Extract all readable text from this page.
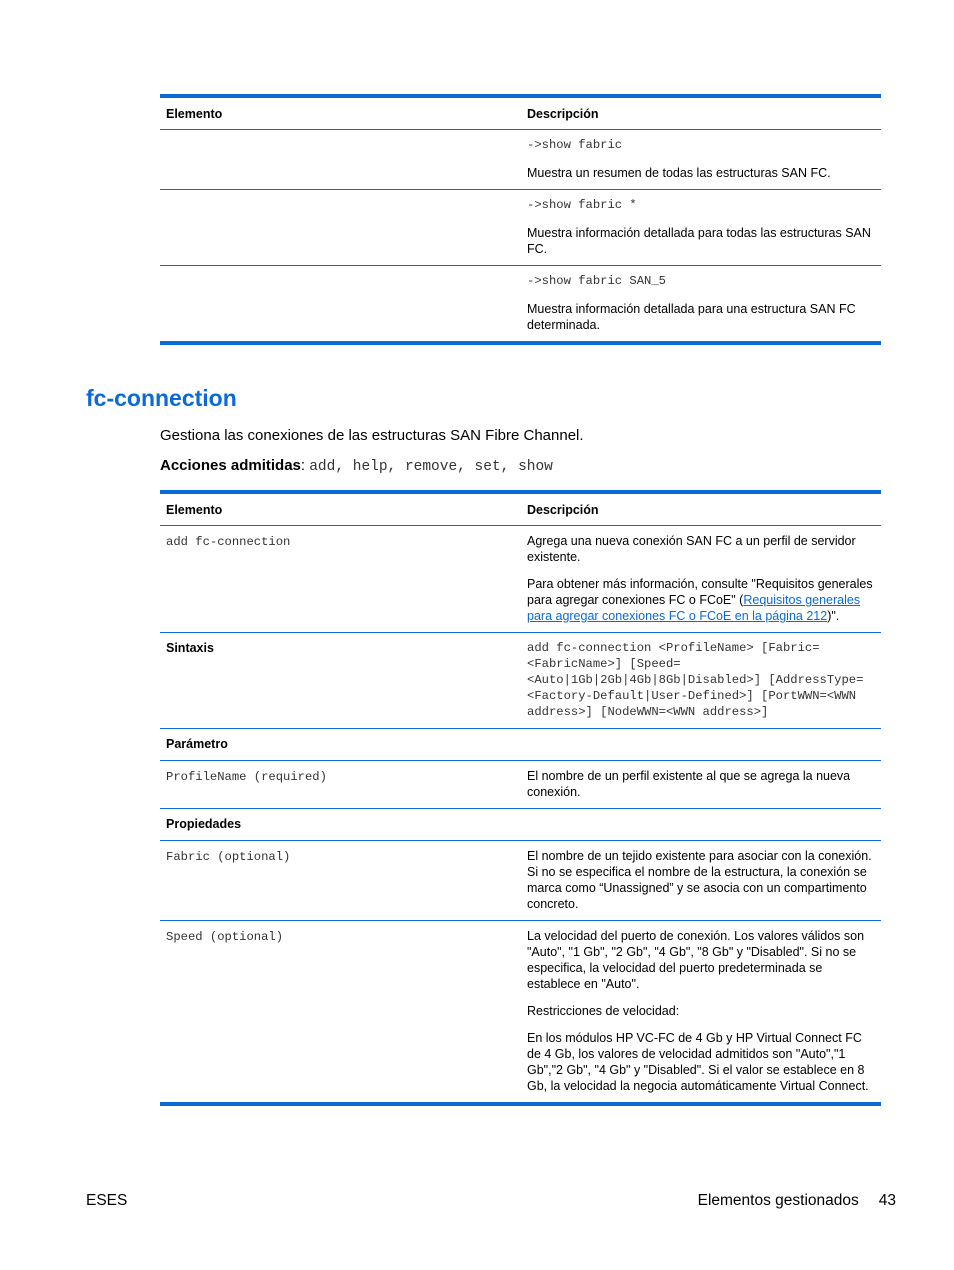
Elemento	Descripción

	->show fabric

Muestra un resumen de todas las estructuras SAN FC.

	->show fabric *

Muestra información detallada para todas las estructuras SAN FC.

	->show fabric SAN_5

Muestra información detallada para una estructura SAN FC determinada.

fc-connection

Gestiona las conexiones de las estructuras SAN Fibre Channel.

Acciones admitidas: add, help, remove, set, show

Elemento	Descripción
add fc-connection	Agrega una nueva conexión SAN FC a un perfil de servidor existente.

Para obtener más información, consulte "Requisitos generales para agregar conexiones FC o FCoE" (Requisitos generales para agregar conexiones FC o FCoE en la página 212)".

Sintaxis	add fc-connection <ProfileName> [Fabric=<FabricName>] [Speed=<Auto|1Gb|2Gb|4Gb|8Gb|Disabled>] [AddressType=<Factory-Default|User-Defined>] [PortWWN=<WWN address>] [NodeWWN=<WWN address>]

Parámetro	
ProfileName (required)	El nombre de un perfil existente al que se agrega la nueva conexión.

Propiedades	
Fabric (optional)	El nombre de un tejido existente para asociar con la conexión. Si no se especifica el nombre de la estructura, la conexión se marca como “Unassigned” y se asocia con un compartimento concreto.

Speed (optional)	La velocidad del puerto de conexión. Los valores válidos son "Auto", "1 Gb", "2 Gb", "4 Gb", "8 Gb" y "Disabled". Si no se especifica, la velocidad del puerto predeterminada se establece en "Auto".

Restricciones de velocidad:

En los módulos HP VC-FC de 4 Gb y HP Virtual Connect FC de 4 Gb, los valores de velocidad admitidos son "Auto","1 Gb","2 Gb", "4 Gb" y "Disabled". Si el valor se establece en 8 Gb, la velocidad la negocia automáticamente Virtual Connect.

ESES	Elementos gestionados 43
